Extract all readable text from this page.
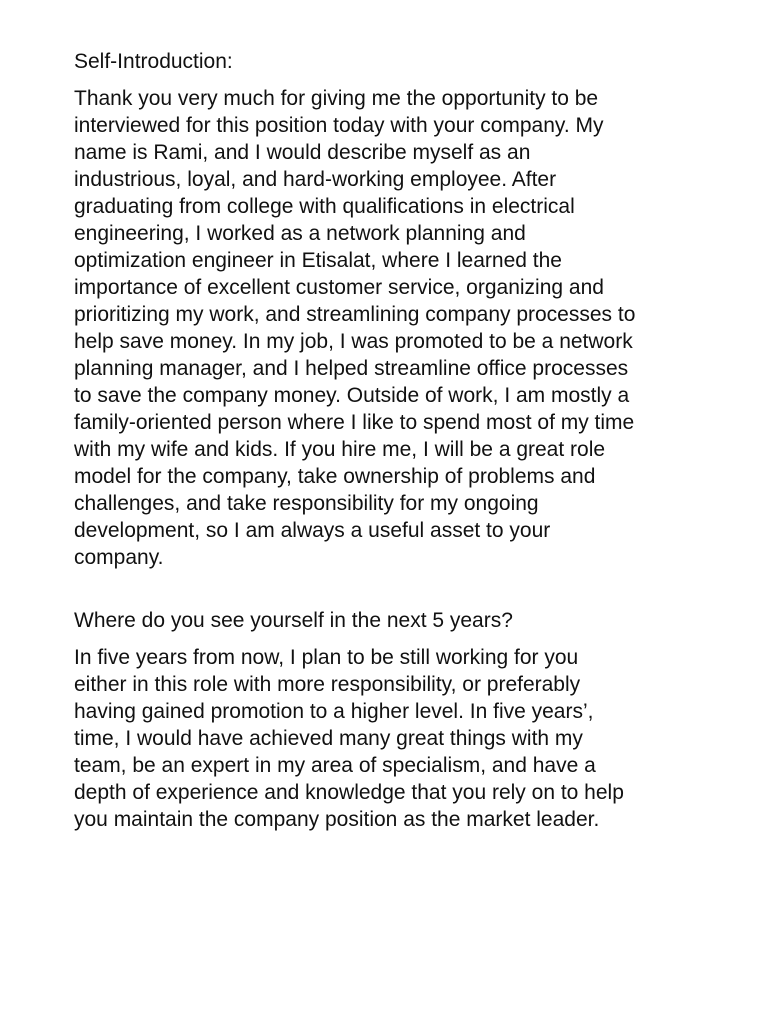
Self-Introduction:

Thank you very much for giving me the opportunity to be
interviewed for this position today with your company. My
name is Rami, and I would describe myself as an
industrious, loyal, and hard-working employee. After
graduating from college with qualifications in electrical
engineering, I worked as a network planning and
optimization engineer in Etisalat, where I learned the
importance of excellent customer service, organizing and
prioritizing my work, and streamlining company processes to
help save money. In my job, I was promoted to be a network
planning manager, and I helped streamline office processes
to save the company money. Outside of work, I am mostly a
family-oriented person where I like to spend most of my time
with my wife and kids. If you hire me, I will be a great role
model for the company, take ownership of problems and
challenges, and take responsibility for my ongoing
development, so I am always a useful asset to your
company.

Where do you see yourself in the next 5 years?

In five years from now, I plan to be still working for you
either in this role with more responsibility, or preferably
having gained promotion to a higher level. In five years’,
time, I would have achieved many great things with my
team, be an expert in my area of specialism, and have a
depth of experience and knowledge that you rely on to help
you maintain the company position as the market leader.
